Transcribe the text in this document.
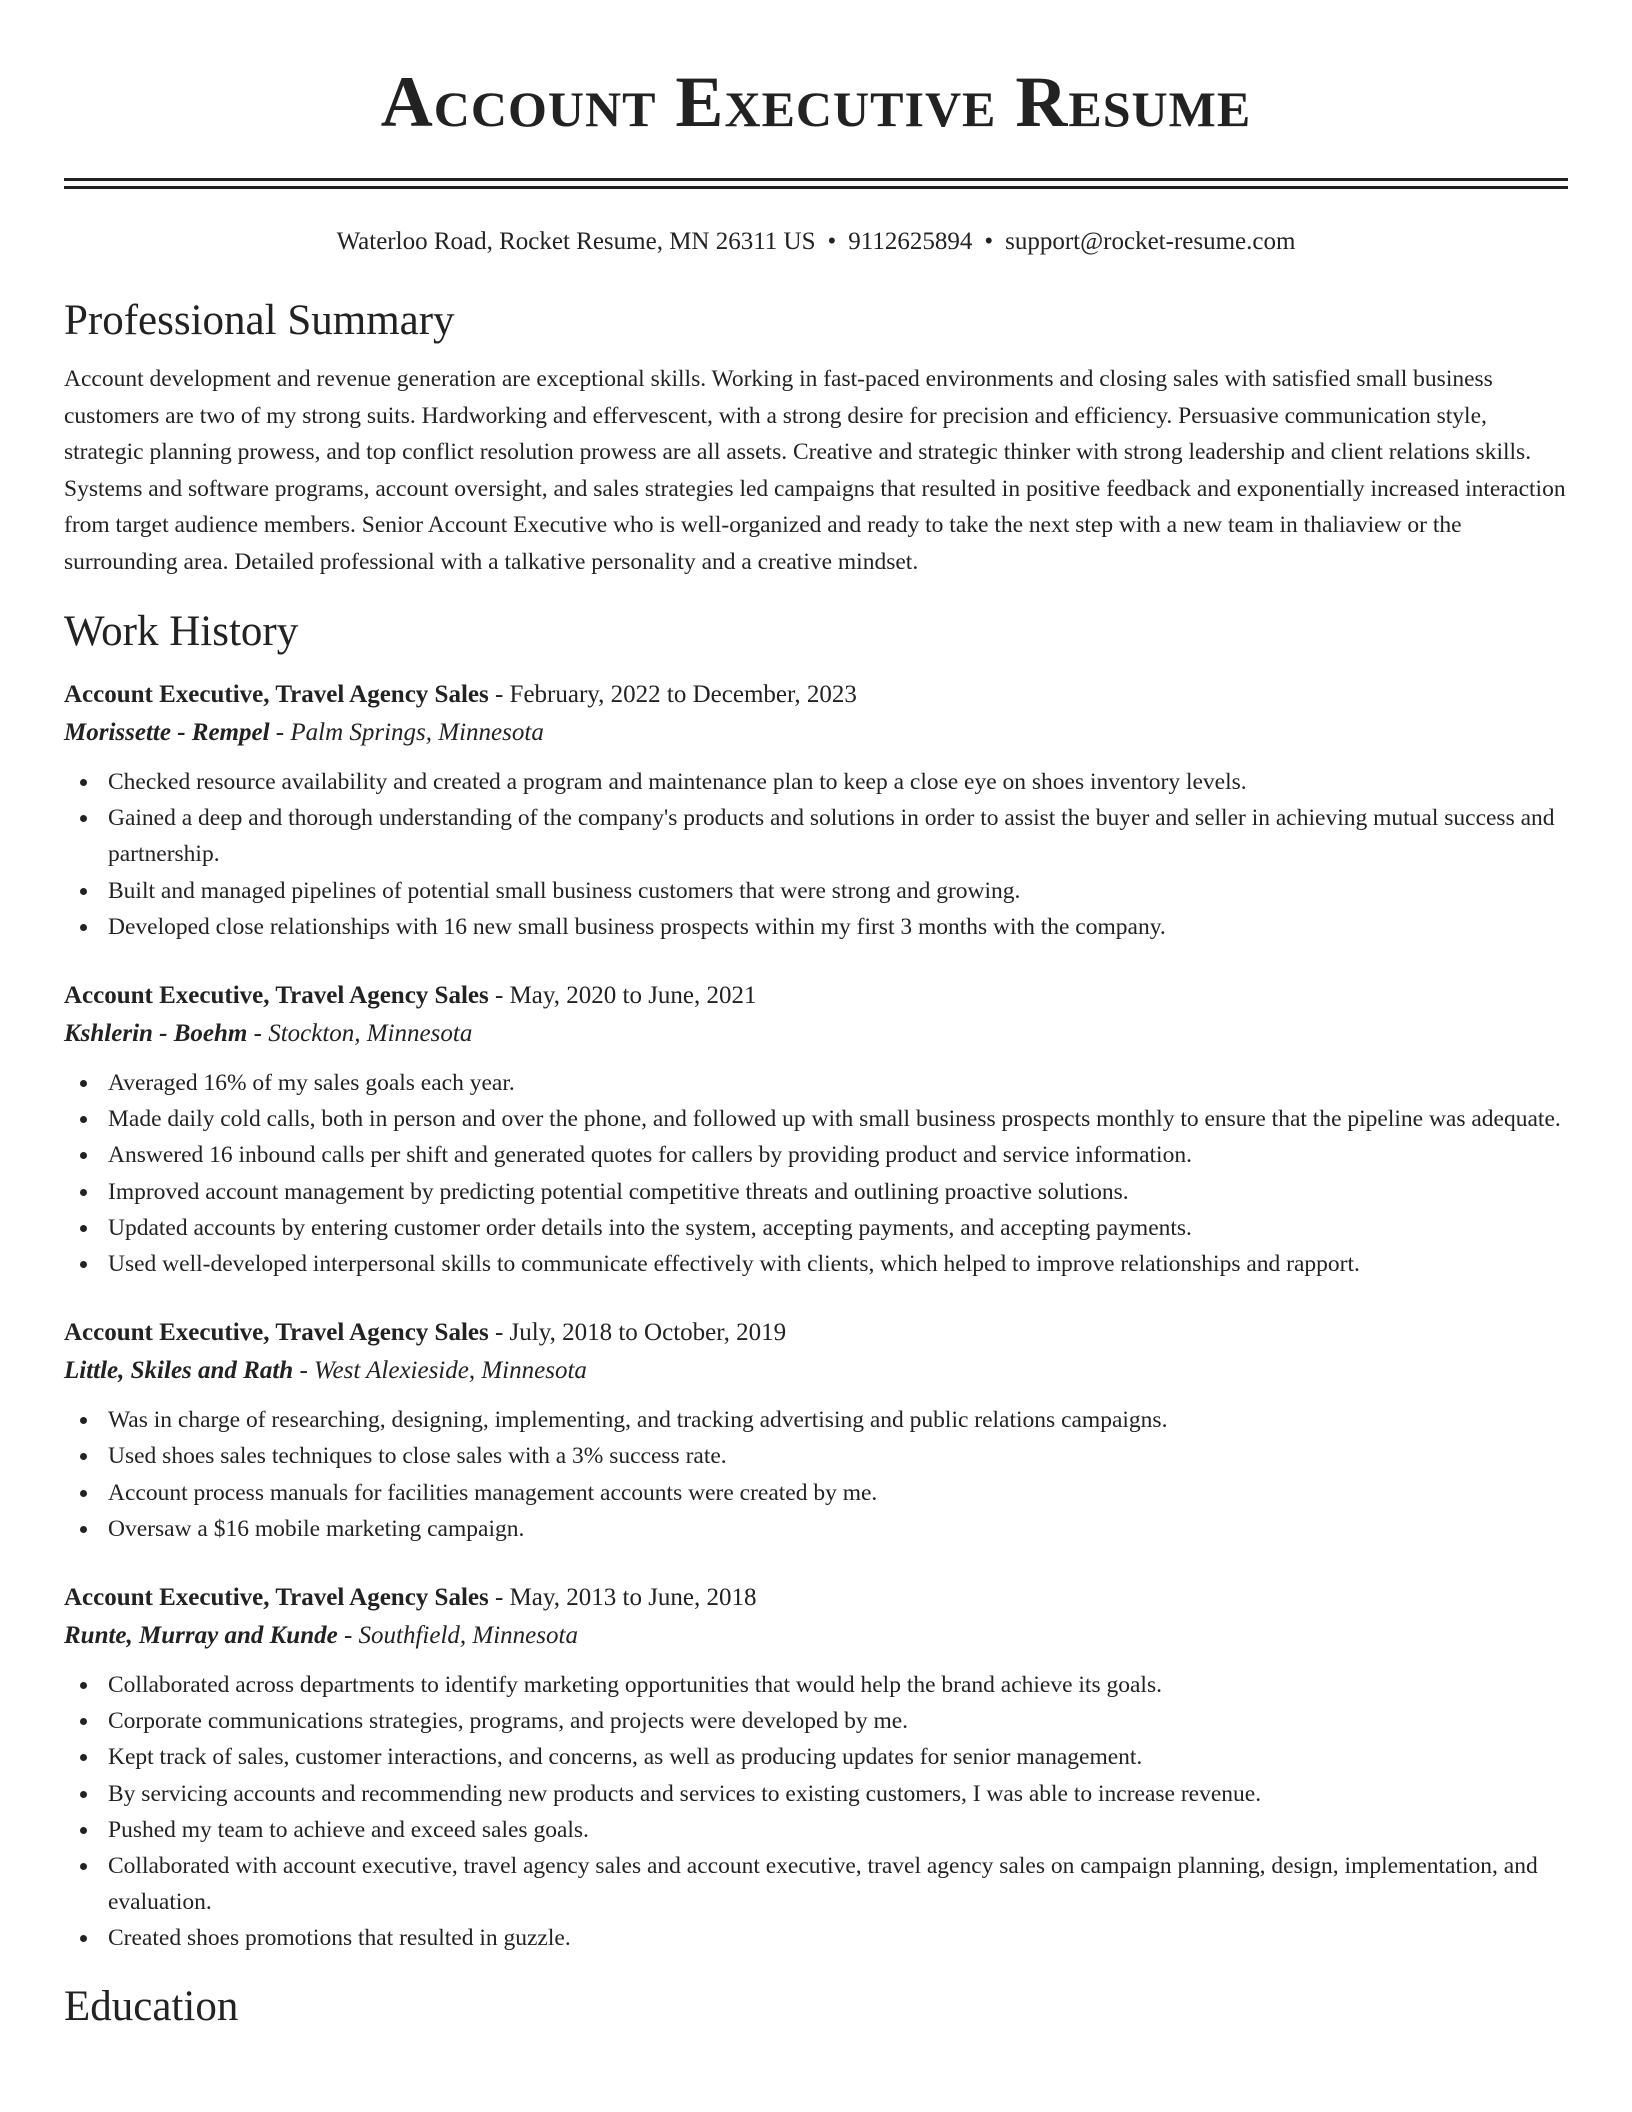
Account Executive Resume
Waterloo Road, Rocket Resume, MN 26311 US • 9112625894 • support@rocket-resume.com
Professional Summary

Account development and revenue generation are exceptional skills. Working in fast-paced environments and closing sales with satisfied small business customers are two of my strong suits. Hardworking and effervescent, with a strong desire for precision and efficiency. Persuasive communication style, strategic planning prowess, and top conflict resolution prowess are all assets. Creative and strategic thinker with strong leadership and client relations skills. Systems and software programs, account oversight, and sales strategies led campaigns that resulted in positive feedback and exponentially increased interaction from target audience members. Senior Account Executive who is well-organized and ready to take the next step with a new team in thaliaview or the surrounding area. Detailed professional with a talkative personality and a creative mindset.

Work History
Account Executive, Travel Agency Sales - February, 2022 to December, 2023
Morissette - Rempel - Palm Springs, Minnesota
Checked resource availability and created a program and maintenance plan to keep a close eye on shoes inventory levels.
Gained a deep and thorough understanding of the company's products and solutions in order to assist the buyer and seller in achieving mutual success and partnership.
Built and managed pipelines of potential small business customers that were strong and growing.
Developed close relationships with 16 new small business prospects within my first 3 months with the company.
Account Executive, Travel Agency Sales - May, 2020 to June, 2021
Kshlerin - Boehm - Stockton, Minnesota
Averaged 16% of my sales goals each year.
Made daily cold calls, both in person and over the phone, and followed up with small business prospects monthly to ensure that the pipeline was adequate.
Answered 16 inbound calls per shift and generated quotes for callers by providing product and service information.
Improved account management by predicting potential competitive threats and outlining proactive solutions.
Updated accounts by entering customer order details into the system, accepting payments, and accepting payments.
Used well-developed interpersonal skills to communicate effectively with clients, which helped to improve relationships and rapport.
Account Executive, Travel Agency Sales - July, 2018 to October, 2019
Little, Skiles and Rath - West Alexieside, Minnesota
Was in charge of researching, designing, implementing, and tracking advertising and public relations campaigns.
Used shoes sales techniques to close sales with a 3% success rate.
Account process manuals for facilities management accounts were created by me.
Oversaw a $16 mobile marketing campaign.
Account Executive, Travel Agency Sales - May, 2013 to June, 2018
Runte, Murray and Kunde - Southfield, Minnesota
Collaborated across departments to identify marketing opportunities that would help the brand achieve its goals.
Corporate communications strategies, programs, and projects were developed by me.
Kept track of sales, customer interactions, and concerns, as well as producing updates for senior management.
By servicing accounts and recommending new products and services to existing customers, I was able to increase revenue.
Pushed my team to achieve and exceed sales goals.
Collaborated with account executive, travel agency sales and account executive, travel agency sales on campaign planning, design, implementation, and evaluation.
Created shoes promotions that resulted in guzzle.
Education
